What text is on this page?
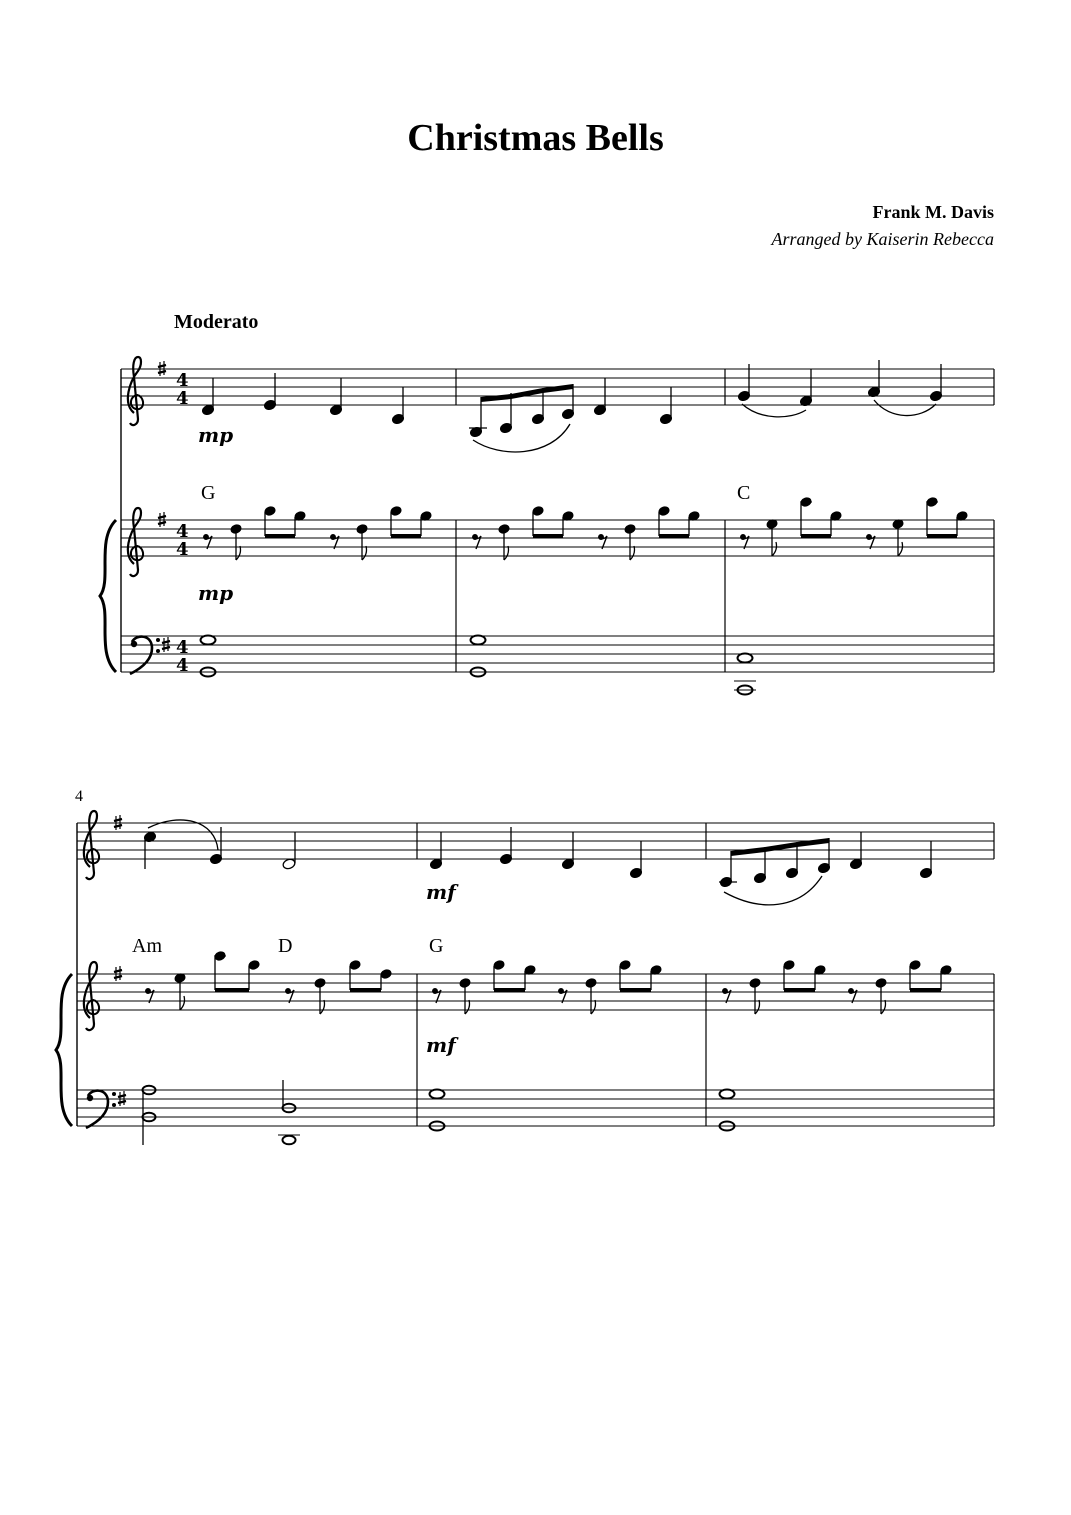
Christmas Bells
Frank M. Davis
Arranged by Kaiserin Rebecca
Moderato
4
4
4
4
4
4
G	C
mp
mp
4
Am	D	G
mf
mf
